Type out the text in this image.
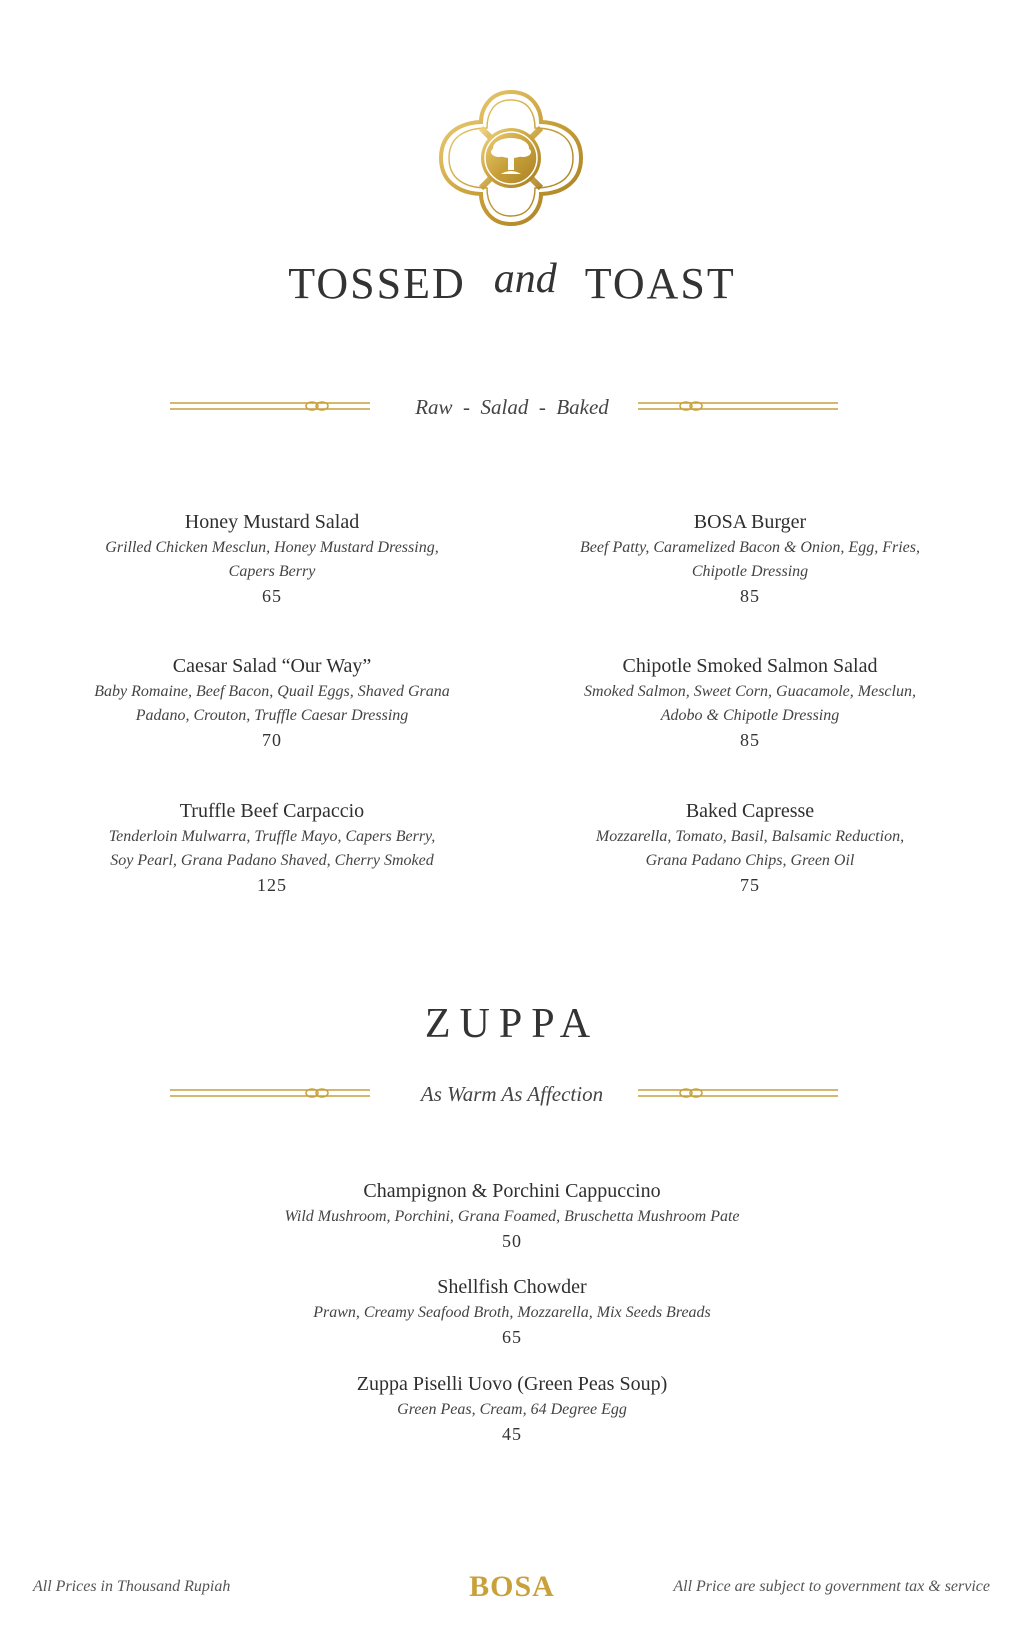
TOSSED and TOAST
Raw  -  Salad  -  Baked
Honey Mustard Salad
Grilled Chicken Mesclun, Honey Mustard Dressing,
Capers Berry
65
BOSA Burger
Beef Patty, Caramelized Bacon & Onion, Egg, Fries,
Chipotle Dressing
85
Caesar Salad “Our Way”
Baby Romaine, Beef Bacon, Quail Eggs, Shaved Grana
Padano, Crouton, Truffle Caesar Dressing
70
Chipotle Smoked Salmon Salad
Smoked Salmon, Sweet Corn, Guacamole, Mesclun,
Adobo & Chipotle Dressing
85
Truffle Beef Carpaccio
Tenderloin Mulwarra, Truffle Mayo, Capers Berry,
Soy Pearl, Grana Padano Shaved, Cherry Smoked
125
Baked Capresse
Mozzarella, Tomato, Basil, Balsamic Reduction,
Grana Padano Chips, Green Oil
75
ZUPPA
As Warm As Affection
Champignon & Porchini Cappuccino
Wild Mushroom, Porchini, Grana Foamed, Bruschetta Mushroom Pate
50
Shellfish Chowder
Prawn, Creamy Seafood Broth, Mozzarella, Mix Seeds Breads
65
Zuppa Piselli Uovo (Green Peas Soup)
Green Peas, Cream, 64 Degree Egg
45
All Prices in Thousand Rupiah	BOSA	All Price are subject to government tax & service
